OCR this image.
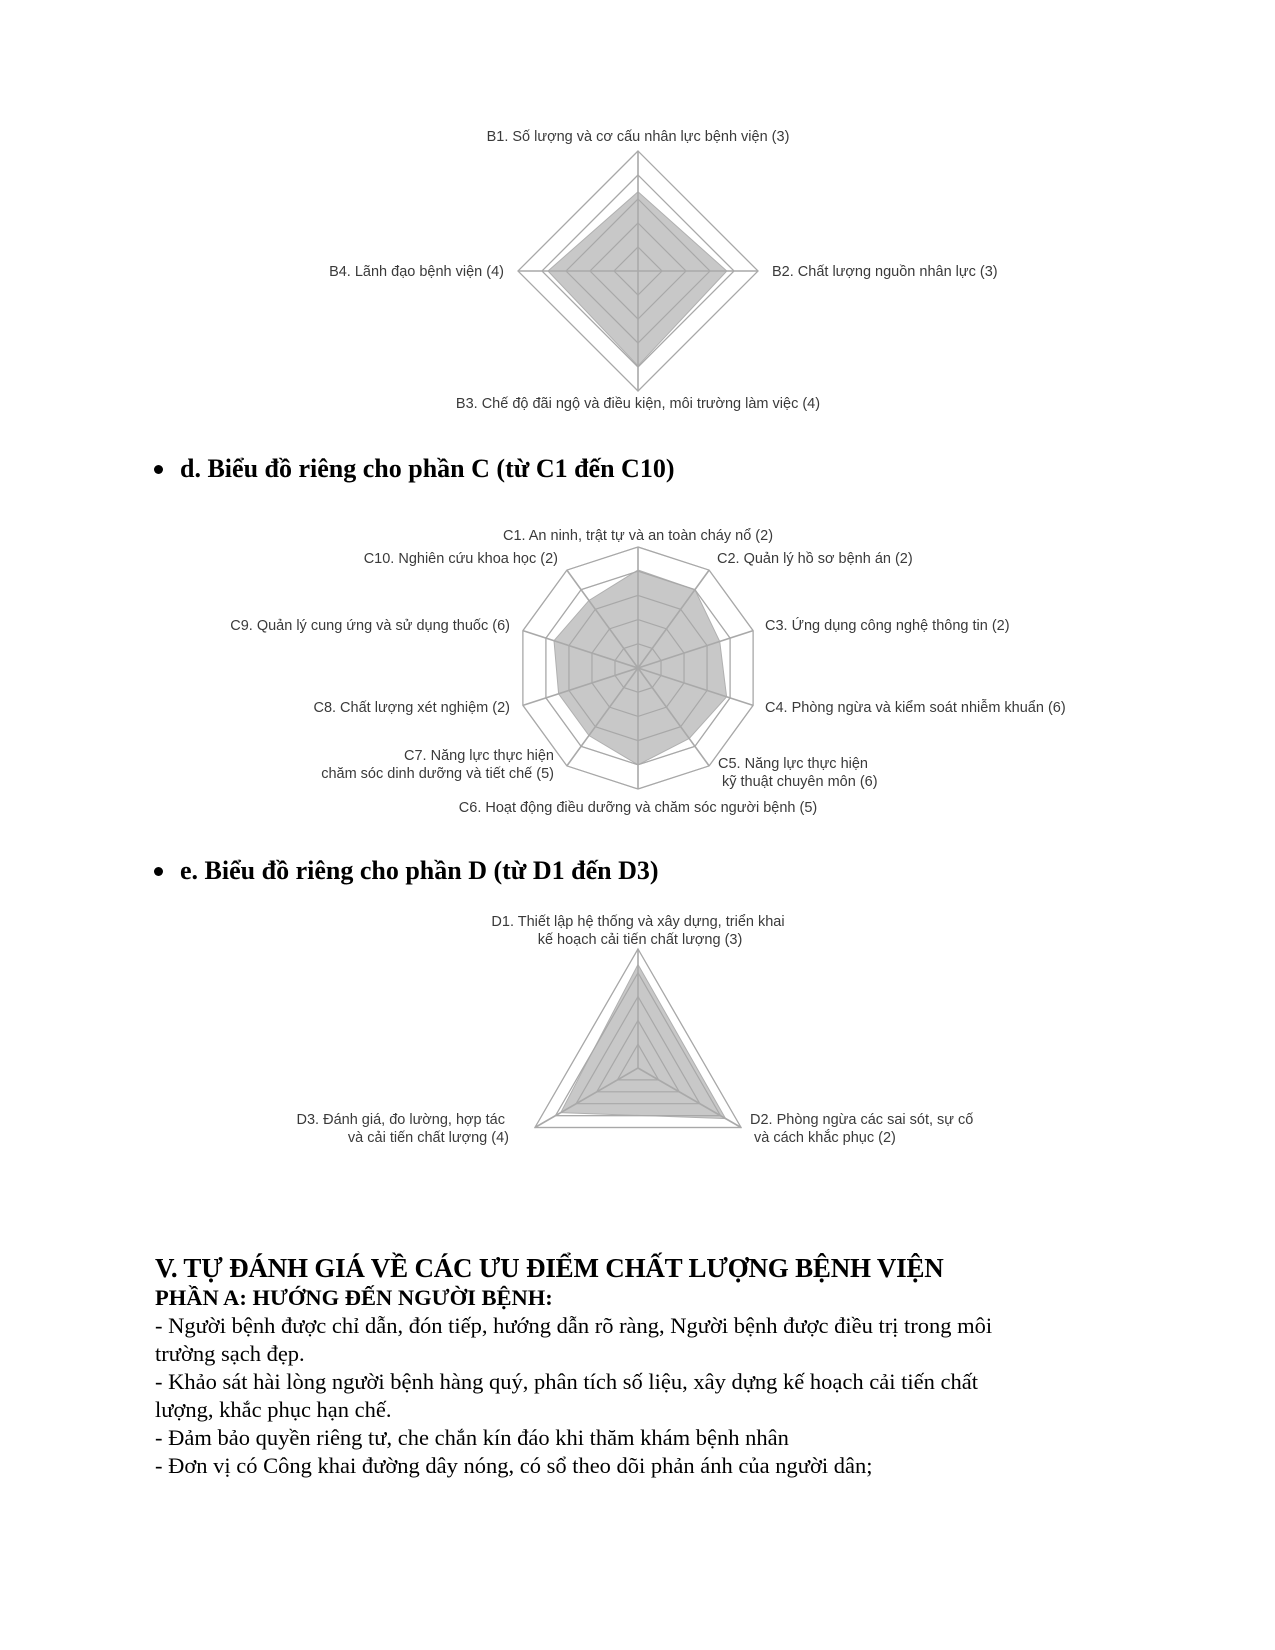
B1. Số lượng và cơ cấu nhân lực bệnh viện (3)
B2. Chất lượng nguồn nhân lực (3)
B3. Chế độ đãi ngộ và điều kiện, môi trường làm việc (4)
B4. Lãnh đạo bệnh viện (4)
d. Biểu đồ riêng cho phần C (từ C1 đến C10)
C1. An ninh, trật tự và an toàn cháy nổ (2)
C2. Quản lý hồ sơ bệnh án (2)
C3. Ứng dụng công nghệ thông tin (2)
C4. Phòng ngừa và kiểm soát nhiễm khuẩn (6)
C5. Năng lực thực hiện
kỹ thuật chuyên môn (6)
C6. Hoạt động điều dưỡng và chăm sóc người bệnh (5)
C7. Năng lực thực hiện
chăm sóc dinh dưỡng và tiết chế (5)
C8. Chất lượng xét nghiệm (2)
C9. Quản lý cung ứng và sử dụng thuốc (6)
C10. Nghiên cứu khoa học (2)
e. Biểu đồ riêng cho phần D (từ D1 đến D3)
D1. Thiết lập hệ thống và xây dựng, triển khai
kế hoạch cải tiến chất lượng (3)
D2. Phòng ngừa các sai sót, sự cố
và cách khắc phục (2)
D3. Đánh giá, đo lường, hợp tác
và cải tiến chất lượng (4)
V. TỰ ĐÁNH GIÁ VỀ CÁC ƯU ĐIỂM CHẤT LƯỢNG BỆNH VIỆN
PHẦN A: HƯỚNG ĐẾN NGƯỜI BỆNH:

- Người bệnh được chỉ dẫn, đón tiếp, hướng dẫn rõ ràng, Người bệnh được điều trị trong môi

trường sạch đẹp.

- Khảo sát hài lòng người bệnh hàng quý, phân tích số liệu, xây dựng kế hoạch cải tiến chất

lượng, khắc phục hạn chế.

- Đảm bảo quyền riêng tư, che chắn kín đáo khi thăm khám bệnh nhân

- Đơn vị có Công khai đường dây nóng, có sổ theo dõi phản ánh của người dân;
